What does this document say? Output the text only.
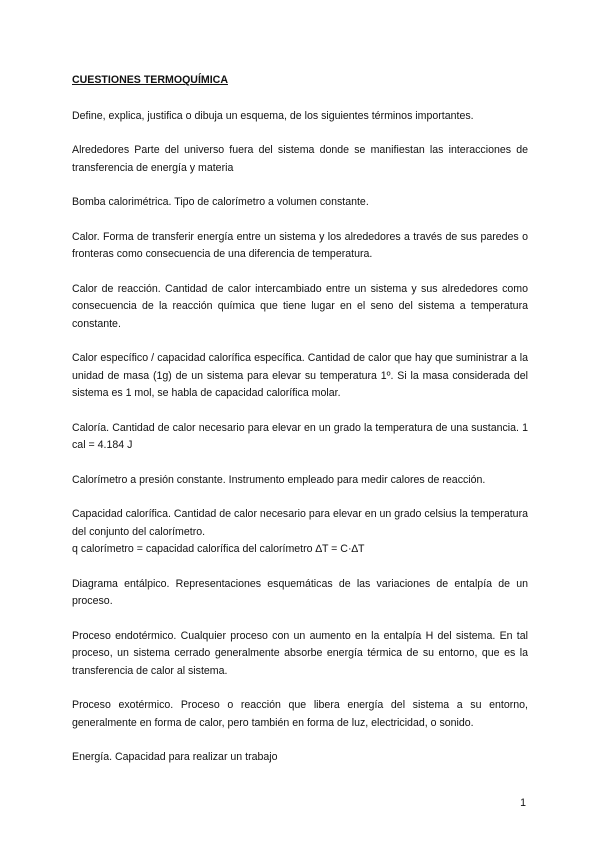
CUESTIONES TERMOQUÍMICA
Define, explica, justifica o dibuja un esquema, de los siguientes términos importantes.
Alrededores Parte del universo fuera del sistema donde se manifiestan las interacciones de transferencia de energía y materia
Bomba calorimétrica. Tipo de calorímetro a volumen constante.
Calor. Forma de transferir energía entre un sistema y los alrededores a través de sus paredes o fronteras como consecuencia de una diferencia de temperatura.
Calor de reacción. Cantidad de calor intercambiado entre un sistema y sus alrededores como consecuencia de la reacción química que tiene lugar en el seno del sistema a temperatura constante.
Calor específico / capacidad calorífica específica. Cantidad de calor que hay que suministrar a la unidad de masa (1g) de un sistema para elevar su temperatura 1º. Si la masa considerada del sistema es 1 mol, se habla de capacidad calorífica molar.
Caloría. Cantidad de calor necesario para elevar en un grado la temperatura de una sustancia. 1 cal = 4.184 J
Calorímetro a presión constante. Instrumento empleado para medir calores de reacción.
Capacidad calorífica. Cantidad de calor necesario para elevar en un grado celsius la temperatura del conjunto del calorímetro.
q calorímetro = capacidad calorífica del calorímetro ∆T = C·∆T
Diagrama entálpico. Representaciones esquemáticas de las variaciones de entalpía de un proceso.
Proceso endotérmico. Cualquier proceso con un aumento en la entalpía H del sistema. En tal proceso, un sistema cerrado generalmente absorbe energía térmica de su entorno, que es la transferencia de calor al sistema.
Proceso exotérmico. Proceso o reacción que libera energía del sistema a su entorno, generalmente en forma de calor, pero también en forma de luz, electricidad, o sonido.
Energía. Capacidad para realizar un trabajo
1
